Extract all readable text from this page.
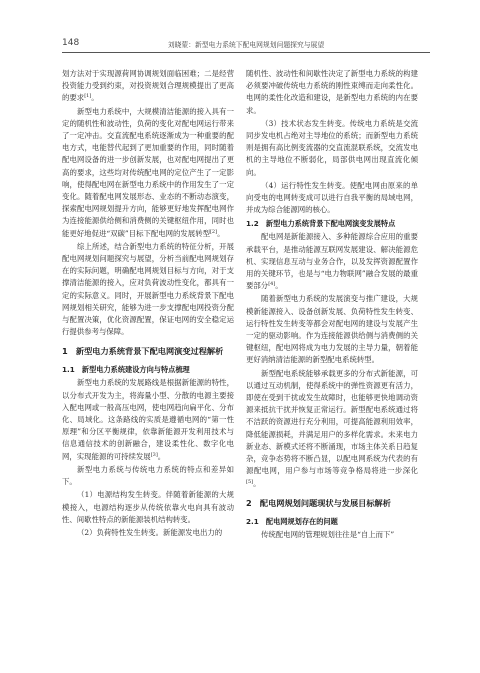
148	刘晓蒙：新型电力系统下配电网规划问题探究与展望

划方法对于实现源荷网协调规划面临困难；二是经营投资能力受到约束，对投资规划合理规模提出了更高的要求[1]。

新型电力系统中，大规模清洁能源的接入具有一定的随机性和波动性，负荷的变化对配电网运行带来了一定冲击。交直流配电系统逐渐成为一种重要的配电方式，电能替代起到了更加重要的作用，同时随着配电网设备的进一步创新发展，也对配电网提出了更高的要求，这些均对传统配电网的定位产生了一定影响，使得配电网在新型电力系统中的作用发生了一定变化。随着配电网发展形态、业态的不断动态演变，探索配电网规划提升方向，能够更好地发挥配电网作为连接能源供给侧和消费侧的关键枢纽作用，同时也能更好地促进“双碳”目标下配电网的发展转型[2]。

综上所述，结合新型电力系统的特征分析，开展配电网规划问题探究与展望，分析当前配电网规划存在的实际问题，明确配电网规划目标与方向，对于支撑清洁能源的接入，应对负荷波动性变化，都具有一定的实际意义。同时，开展新型电力系统背景下配电网规划相关研究，能够为进一步支撑配电网投资分配与配置决策，优化资源配置，保证电网的安全稳定运行提供参考与保障。

1　新型电力系统背景下配电网演变过程解析
1.1　新型电力系统建设方向与特点梳理

新型电力系统的发展路线是根据新能源的特性，以分布式开发为主，将海量小型、分散的电源主要接入配电网或一般高压电网，使电网趋向扁平化、分布化、局域化。这条路线的实质是遵循电网的“第一性原理”和分区平衡规律，依靠新能源开发利用技术与信息通信技术的创新融合，建设柔性化、数字化电网，实现能源的可持续发展[3]。

新型电力系统与传统电力系统的特点和差异如下。

（1）电源结构发生转变。伴随着新能源的大规模接入，电源结构逐步从传统依靠火电向具有波动性、间歇性特点的新能源装机结构转变。

（2）负荷特性发生转变。新能源发电出力的

随机性、波动性和间歇性决定了新型电力系统的构建必须要冲破传统电力系统的刚性束缚而走向柔性化。电网的柔性化改造和建设，是新型电力系统的内在要求。

（3）技术状态发生转变。传统电力系统是交流同步发电机占绝对主导地位的系统；而新型电力系统则是拥有高比例变流器的交直流混联系统，交流发电机的主导地位不断弱化，局部供电网出现直流化倾向。

（4）运行特性发生转变。使配电网由原来的单向受电的电网转变成可以进行自我平衡的局域电网，并成为综合能源网的核心。

1.2　新型电力系统背景下配电网演变发展特点

配电网是新能源接入、多种能源综合应用的重要承载平台，是推动能源互联网发展建设、解决能源危机、实现信息互动与业务合作，以及发挥资源配置作用的关键环节，也是与“电力物联网”融合发展的最重要部分[4]。

随着新型电力系统的发展演变与推广建设，大规模新能源接入、设备创新发展、负荷特性发生转变、运行特性发生转变等都会对配电网的建设与发展产生一定的驱动影响。作为连接能源供给侧与消费侧的关键枢纽，配电网将成为电力发展的主导力量，朝着能更好消纳清洁能源的新型配电系统转型。

新型配电系统能够承载更多的分布式新能源，可以通过互动机制，使得系统中的弹性资源更有活力，即使在受到干扰或发生故障时，也能够更快地调动资源来抵抗干扰并恢复正常运行。新型配电系统通过将不洁跃的资源进行充分利用，可提高能源利用效率，降低能源损耗，并满足用户的多样化需求。未来电力新业态、新模式还将不断涌现，市场主体关系日趋复杂，竞争态势将不断凸显，以配电网系统为代表的有源配电网，用户参与市场等竞争格局将进一步深化[5]。

2　配电网规划问题现状与发展目标解析
2.1　配电网规划存在的问题

传统配电网的管理规划往往是“自上而下”
